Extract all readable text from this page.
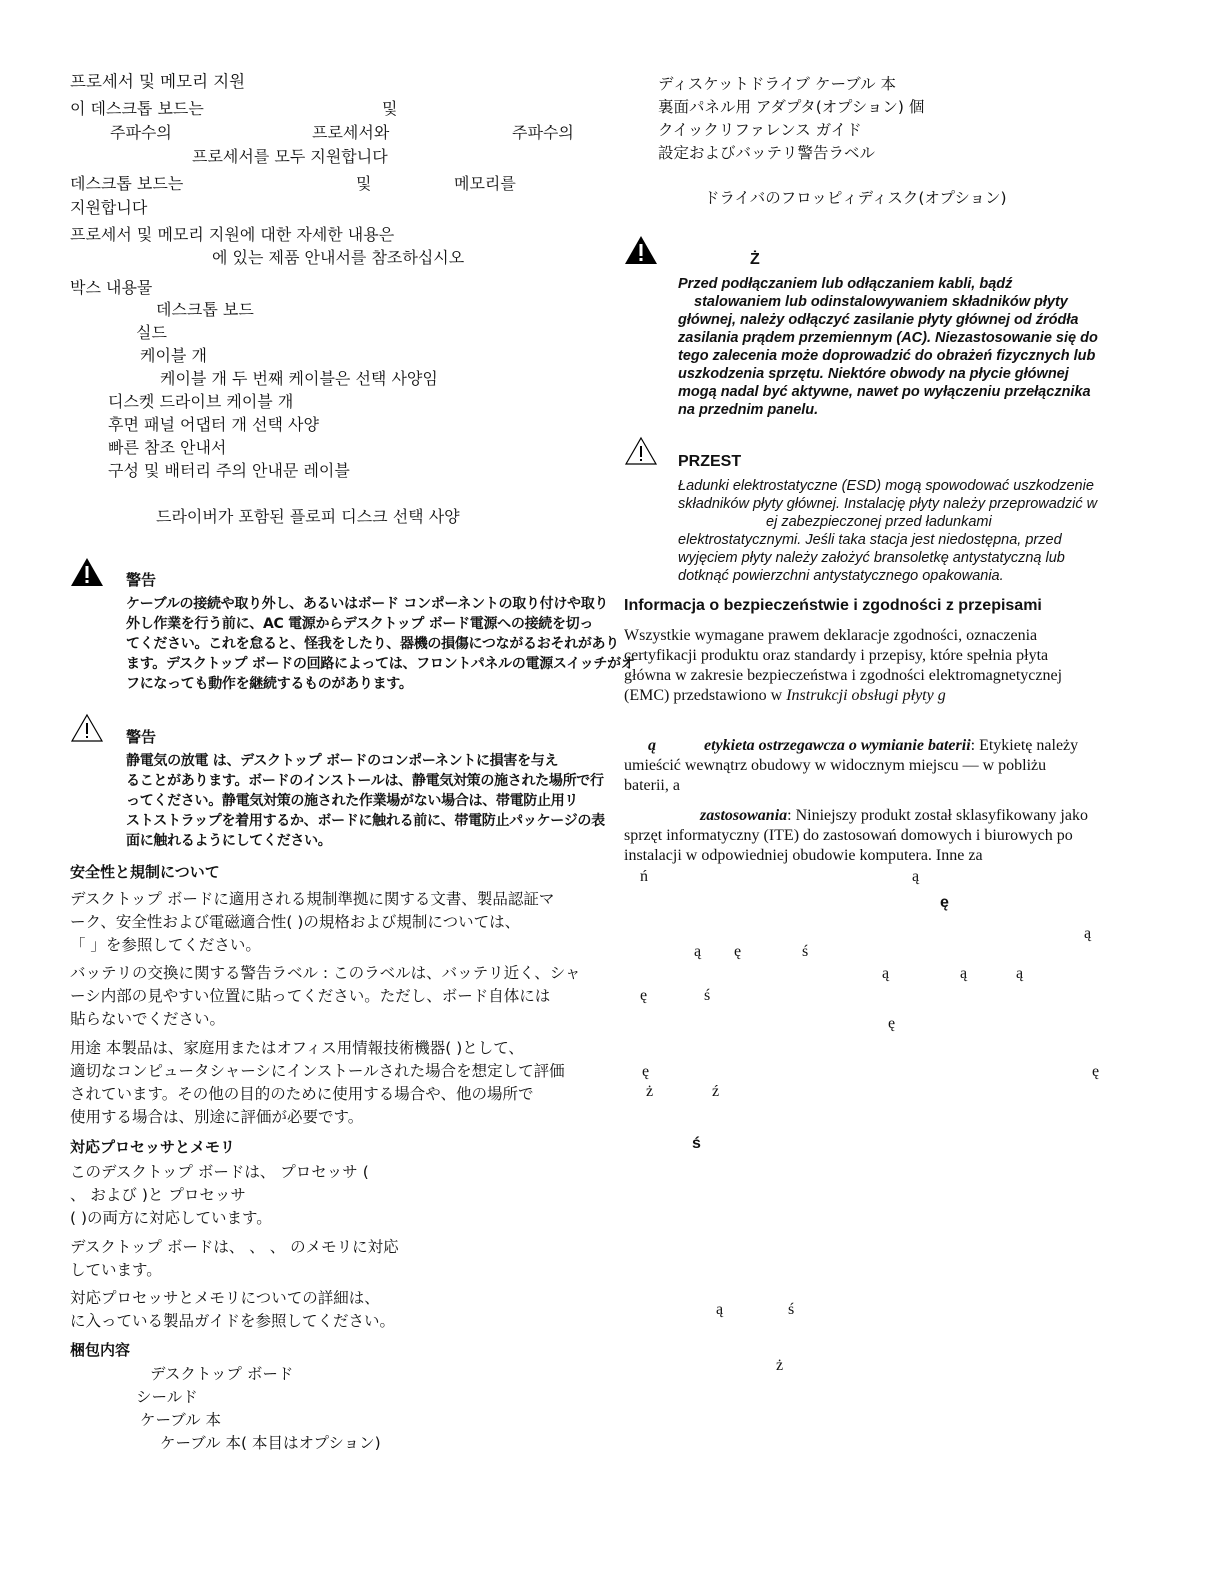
프로세서 및 메모리 지원
이 데스크톱 보드는	및
주파수의	프로세서와	주파수의
프로세서를 모두 지원합니다
데스크톱 보드는	및	메모리를
지원합니다
프로세서 및 메모리 지원에 대한 자세한 내용은
에 있는 제품 안내서를 참조하십시오
박스 내용물
데스크톱 보드
실드
케이블 개
케이블 개 두 번째 케이블은 선택 사양임
디스켓 드라이브 케이블 개
후면 패널 어댑터 개 선택 사양
빠른 참조 안내서
구성 및 배터리 주의 안내문 레이블
드라이버가 포함된 플로피 디스크 선택 사양
警告
ケーブルの接続や取り外し、あるいはボード コンポーネントの取り付けや取り
外し作業を行う前に、AC 電源からデスクトップ ボード電源への接続を切っ
てください。これを怠ると、怪我をしたり、器機の損傷につながるおそれがあり
ます。デスクトップ ボードの回路によっては、フロントパネルの電源スイッチがオ
フになっても動作を継続するものがあります。
警告
静電気の放電 は、デスクトップ ボードのコンポーネントに損害を与え
ることがあります。ボードのインストールは、静電気対策の施された場所で行
ってください。静電気対策の施された作業場がない場合は、帯電防止用リ
ストストラップを着用するか、ボードに触れる前に、帯電防止パッケージの表
面に触れるようにしてください。
安全性と規制について
デスクトップ ボードに適用される規制準拠に関する文書、製品認証マ
ーク、安全性および電磁適合性( )の規格および規制については、
「 」を参照してください。
バッテリの交換に関する警告ラベル : このラベルは、バッテリ近く、シャ
ーシ内部の見やすい位置に貼ってください。ただし、ボード自体には
貼らないでください。
用途 本製品は、家庭用またはオフィス用情報技術機器( )として、
適切なコンピュータシャーシにインストールされた場合を想定して評価
されています。その他の目的のために使用する場合や、他の場所で
使用する場合は、別途に評価が必要です。
対応プロセッサとメモリ
このデスクトップ ボードは、 プロセッサ (
、 および )と プロセッサ
( )の両方に対応しています。
デスクトップ ボードは、 、 、 のメモリに対応
しています。
対応プロセッサとメモリについての詳細は、
に入っている製品ガイドを参照してください。
梱包内容
デスクトップ ボード
シールド
ケーブル 本
ケーブル 本( 本目はオプション)
ディスケットドライブ ケーブル 本
裏面パネル用 アダプタ(オプション) 個
クイックリファレンス ガイド
設定およびバッテリ警告ラベル
ドライバのフロッピィディスク(オプション)
Ż
Przed podłączaniem lub odłączaniem kabli, bądź
stalowaniem lub odinstalowywaniem składników płyty
głównej, należy odłączyć zasilanie płyty głównej od źródła
zasilania prądem przemiennym (AC). Niezastosowanie się do
tego zalecenia może doprowadzić do obrażeń fizycznych lub
uszkodzenia sprzętu. Niektóre obwody na płycie głównej
mogą nadal być aktywne, nawet po wyłączeniu przełącznika
na przednim panelu.
PRZEST
Ładunki elektrostatyczne (ESD) mogą spowodować uszkodzenie
składników płyty głównej. Instalację płyty należy przeprowadzić w
ej zabezpieczonej przed ładunkami
elektrostatycznymi. Jeśli taka stacja jest niedostępna, przed
wyjęciem płyty należy założyć bransoletkę antystatyczną lub
dotknąć powierzchni antystatycznego opakowania.
Informacja o bezpieczeństwie i zgodności z przepisami
Wszystkie wymagane prawem deklaracje zgodności, oznaczenia
certyfikacji produktu oraz standardy i przepisy, które spełnia płyta
główna w zakresie bezpieczeństwa i zgodności elektromagnetycznej
(EMC) przedstawiono w Instrukcji obsługi płyty g
ą	etykieta ostrzegawcza o wymianie baterii: Etykietę należy
umieścić wewnątrz obudowy w widocznym miejscu — w pobliżu
baterii, a
zastosowania: Niniejszy produkt został sklasyfikowany jako
sprzęt informatyczny (ITE) do zastosowań domowych i biurowych po
instalacji w odpowiedniej obudowie komputera. Inne za
ń	ą
ę
ą
ą ę	ś
ą	ą	ą
ę	ś
ę
ę	ę
ż	ź
ś
ą	ś
ż
